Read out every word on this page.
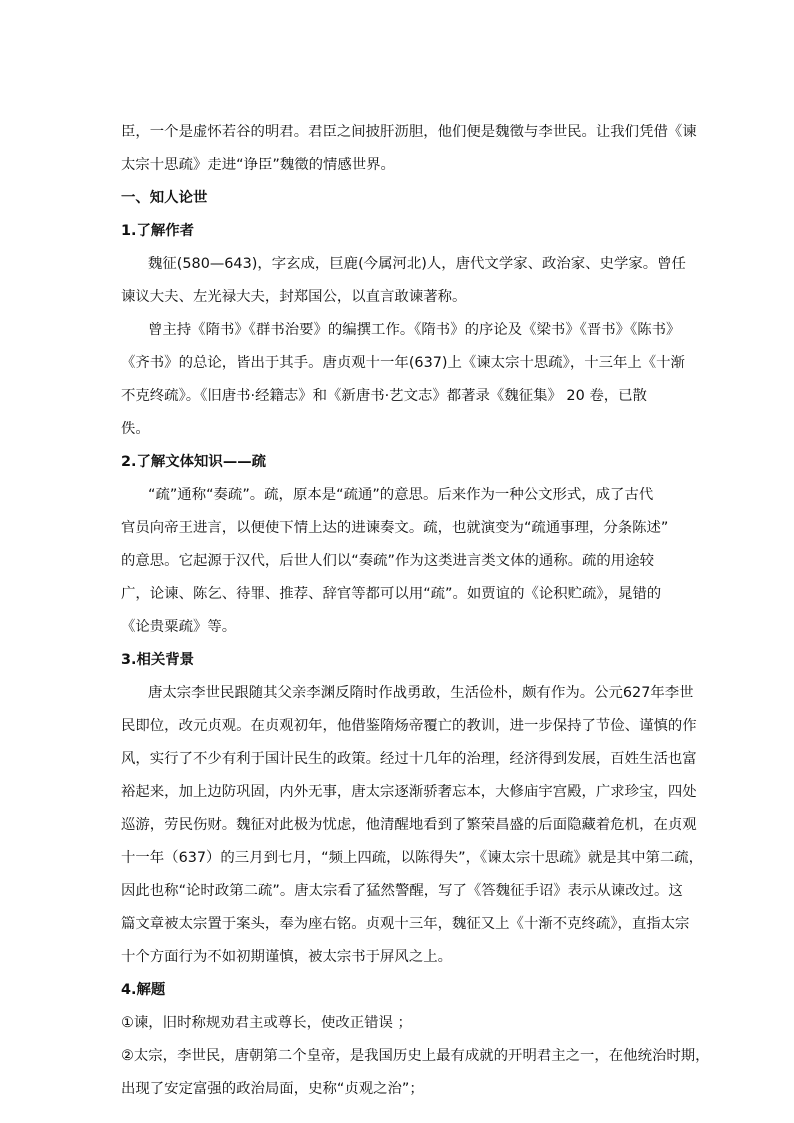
臣，一个是虚怀若谷的明君。君臣之间披肝沥胆，他们便是魏徵与李世民。让我们凭借《谏

太宗十思疏》走进“诤臣”魏徵的情感世界。

一、知人论世

1.了解作者

魏征(580—643)，字玄成，巨鹿(今属河北)人，唐代文学家、政治家、史学家。曾任

谏议大夫、左光禄大夫，封郑国公，以直言敢谏著称。

曾主持《隋书》《群书治要》的编撰工作。《隋书》的序论及《梁书》《晋书》《陈书》

《齐书》的总论，皆出于其手。唐贞观十一年(637)上《谏太宗十思疏》，十三年上《十渐

不克终疏》。《旧唐书·经籍志》和《新唐书·艺文志》都著录《魏征集》 20 卷，已散

佚。

2.了解文体知识——疏

“疏”通称“奏疏”。疏，原本是“疏通”的意思。后来作为一种公文形式，成了古代

官员向帝王进言，以便使下情上达的进谏奏文。疏，也就演变为“疏通事理，分条陈述”

的意思。它起源于汉代，后世人们以“奏疏”作为这类进言类文体的通称。疏的用途较

广，论谏、陈乞、待罪、推荐、辞官等都可以用“疏”。如贾谊的《论积贮疏》，晁错的

《论贵粟疏》等。

3.相关背景

唐太宗李世民跟随其父亲李渊反隋时作战勇敢，生活俭朴，颇有作为。公元627年李世

民即位，改元贞观。在贞观初年，他借鉴隋炀帝覆亡的教训，进一步保持了节俭、谨慎的作

风，实行了不少有利于国计民生的政策。经过十几年的治理，经济得到发展，百姓生活也富

裕起来，加上边防巩固，内外无事，唐太宗逐渐骄奢忘本，大修庙宇宫殿，广求珍宝，四处

巡游，劳民伤财。魏征对此极为忧虑，他清醒地看到了繁荣昌盛的后面隐藏着危机，在贞观

十一年（637）的三月到七月，“频上四疏，以陈得失”，《谏太宗十思疏》就是其中第二疏，

因此也称“论时政第二疏”。唐太宗看了猛然警醒，写了《答魏征手诏》表示从谏改过。这

篇文章被太宗置于案头，奉为座右铭。贞观十三年，魏征又上《十渐不克终疏》，直指太宗

十个方面行为不如初期谨慎，被太宗书于屏风之上。

4.解题

①谏，旧时称规劝君主或尊长，使改正错误 ；

②太宗，李世民，唐朝第二个皇帝，是我国历史上最有成就的开明君主之一，在他统治时期，

出现了安定富强的政治局面，史称“贞观之治”；
